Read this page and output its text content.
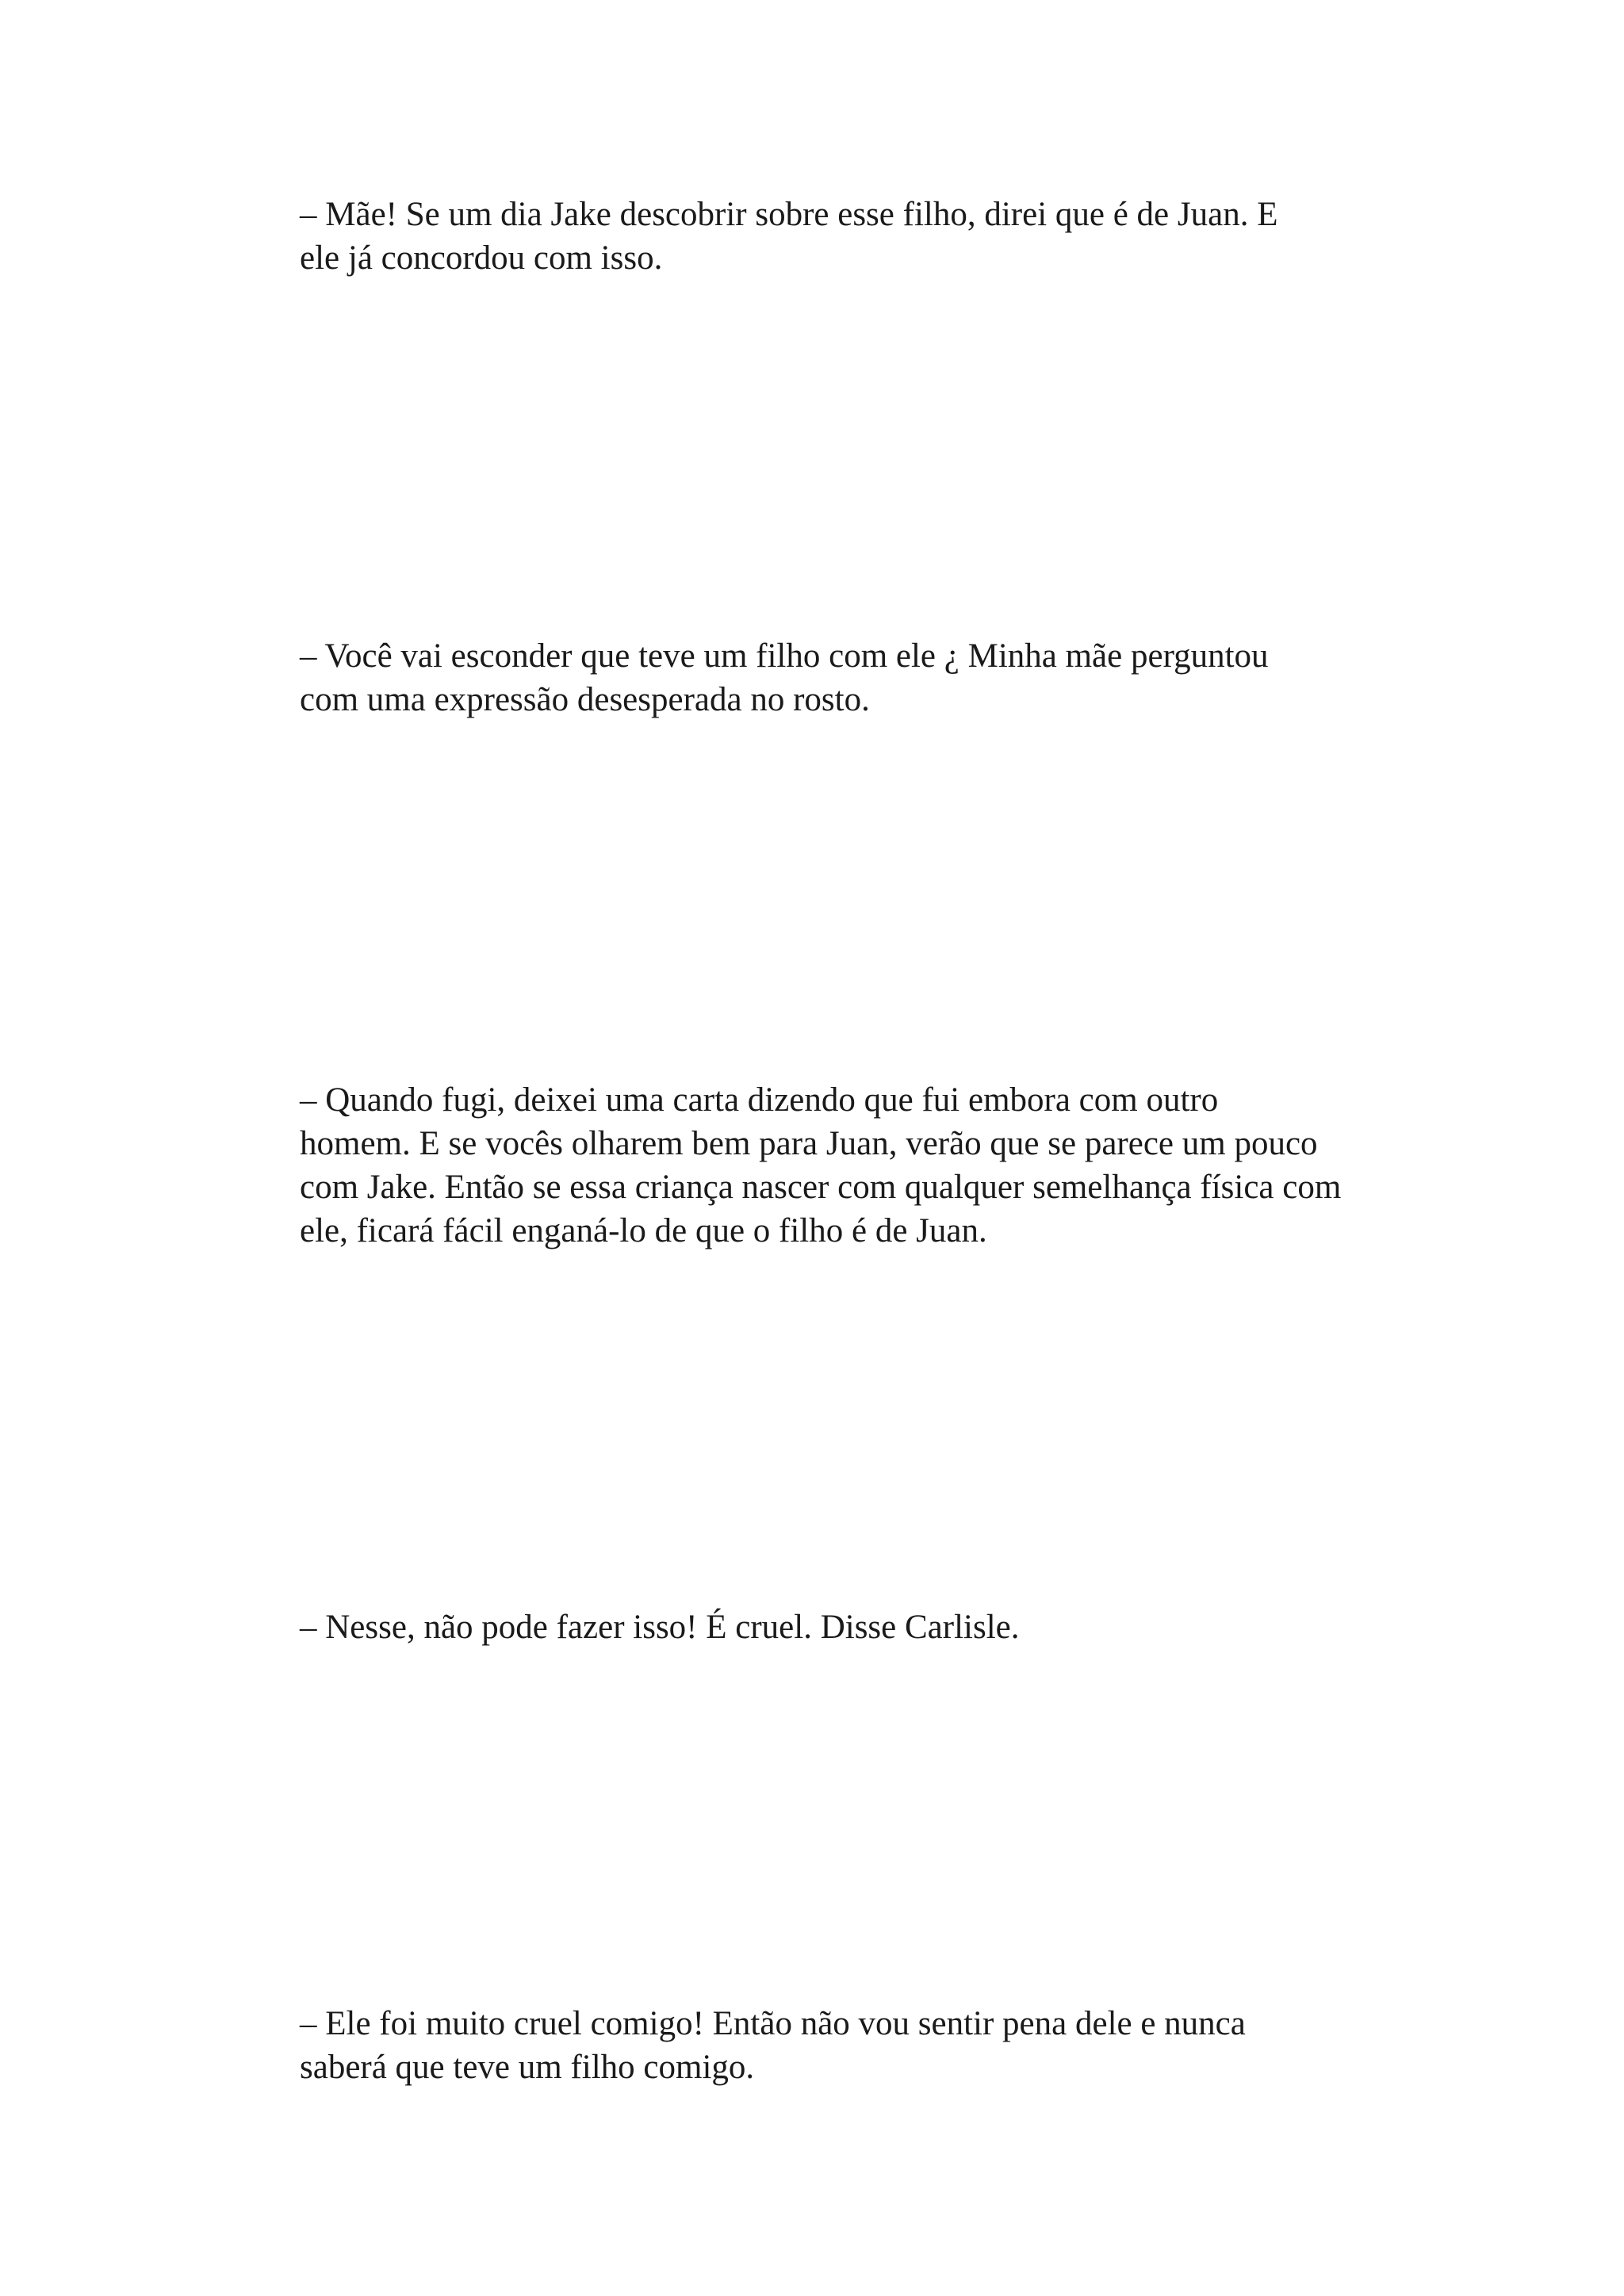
– Mãe! Se um dia Jake descobrir sobre esse filho, direi que é de Juan. E
ele já concordou com isso.

– Você vai esconder que teve um filho com ele ¿ Minha mãe perguntou
com uma expressão desesperada no rosto.

– Quando fugi, deixei uma carta dizendo que fui embora com outro
homem. E se vocês olharem bem para Juan, verão que se parece um pouco
com Jake. Então se essa criança nascer com qualquer semelhança física com
ele, ficará fácil enganá-lo de que o filho é de Juan.

– Nesse, não pode fazer isso! É cruel. Disse Carlisle.

– Ele foi muito cruel comigo! Então não vou sentir pena dele e nunca
saberá que teve um filho comigo.
